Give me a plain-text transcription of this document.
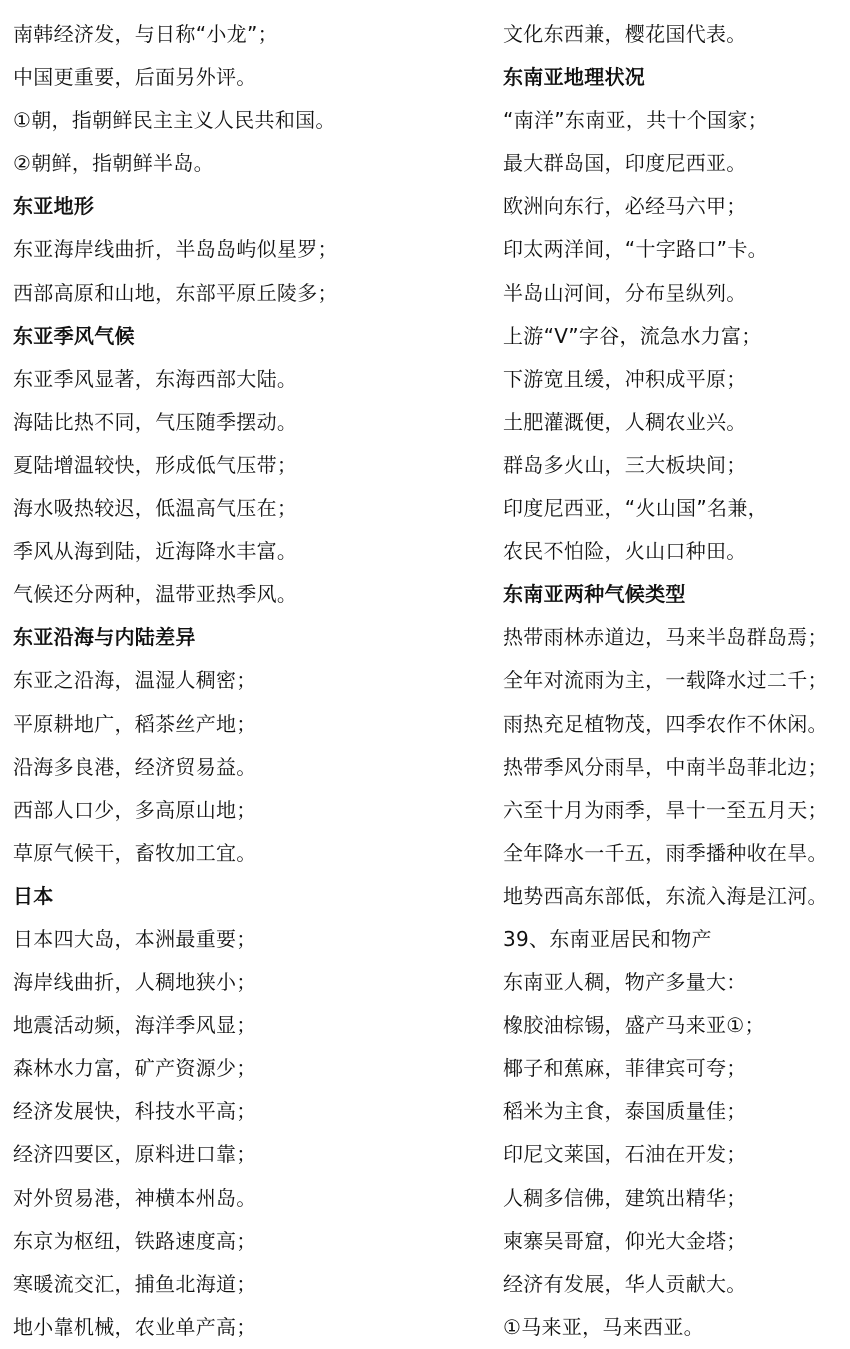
南韩经济发，与日称“小龙”；
中国更重要，后面另外评。
①朝，指朝鲜民主主义人民共和国。
②朝鲜，指朝鲜半岛。
东亚地形
东亚海岸线曲折，半岛岛屿似星罗；
西部高原和山地，东部平原丘陵多；
东亚季风气候
东亚季风显著，东海西部大陆。
海陆比热不同，气压随季摆动。
夏陆增温较快，形成低气压带；
海水吸热较迟，低温高气压在；
季风从海到陆，近海降水丰富。
气候还分两种，温带亚热季风。
东亚沿海与内陆差异
东亚之沿海，温湿人稠密；
平原耕地广，稻茶丝产地；
沿海多良港，经济贸易益。
西部人口少，多高原山地；
草原气候干，畜牧加工宜。
日本
日本四大岛，本洲最重要；
海岸线曲折，人稠地狭小；
地震活动频，海洋季风显；
森林水力富，矿产资源少；
经济发展快，科技水平高；
经济四要区，原料进口靠；
对外贸易港，神横本州岛。
东京为枢纽，铁路速度高；
寒暖流交汇，捕鱼北海道；
地小靠机械，农业单产高；
文化东西兼，樱花国代表。
东南亚地理状况
“南洋”东南亚，共十个国家；
最大群岛国，印度尼西亚。
欧洲向东行，必经马六甲；
印太两洋间，“十字路口”卡。
半岛山河间，分布呈纵列。
上游“V”字谷，流急水力富；
下游宽且缓，冲积成平原；
土肥灌溉便，人稠农业兴。
群岛多火山，三大板块间；
印度尼西亚，“火山国”名兼，
农民不怕险，火山口种田。
东南亚两种气候类型
热带雨林赤道边，马来半岛群岛焉；
全年对流雨为主，一载降水过二千；
雨热充足植物茂，四季农作不休闲。
热带季风分雨旱，中南半岛菲北边；
六至十月为雨季，旱十一至五月天；
全年降水一千五，雨季播种收在旱。
地势西高东部低，东流入海是江河。
39、东南亚居民和物产
东南亚人稠，物产多量大：
橡胶油棕锡，盛产马来亚①；
椰子和蕉麻，菲律宾可夸；
稻米为主食，泰国质量佳；
印尼文莱国，石油在开发；
人稠多信佛，建筑出精华；
柬寨吴哥窟，仰光大金塔；
经济有发展，华人贡献大。
①马来亚，马来西亚。
